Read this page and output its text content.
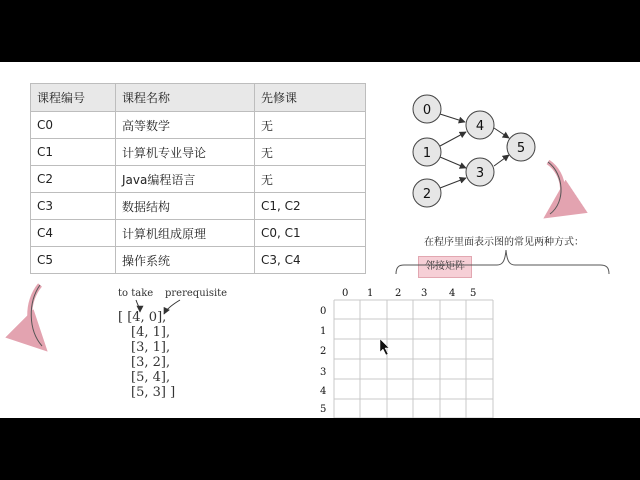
课程编号	课程名称	先修课
C0	高等数学	无
C1	计算机专业导论	无
C2	Java编程语言	无
C3	数据结构	C1, C2
C4	计算机组成原理	C0, C1
C5	操作系统	C3, C4
to take prerequisite
[ [4, 0],
[4, 1],
[3, 1],
[3, 2],
[5, 4],
[5, 3] ]
在程序里面表示图的常见两种方式：
邻接矩阵
0 1 2 3 4 5
0
1
2
3
4
5
0
1
2
3
4
5
